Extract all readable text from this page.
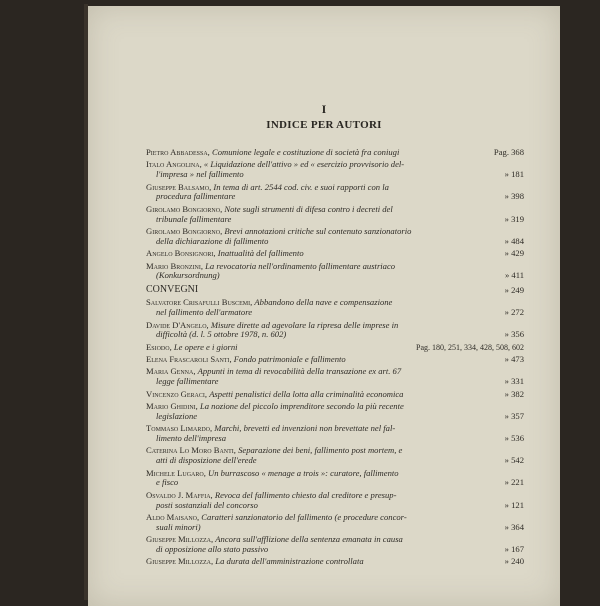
I
INDICE PER AUTORI
Pietro Abbadessa, Comunione legale e costituzione di società fra coniugi	Pag. 368
Italo Angolina, « Liquidazione dell'attivo » ed « esercizio provvisorio del-
l'impresa » nel fallimento	» 181
Giuseppe Balsamo, In tema di art. 2544 cod. civ. e suoi rapporti con la
procedura fallimentare	» 398
Girolamo Bongiorno, Note sugli strumenti di difesa contro i decreti del
tribunale fallimentare	» 319
Girolamo Bongiorno, Brevi annotazioni critiche sul contenuto sanzionatorio
della dichiarazione di fallimento	» 484
Angelo Bonsignori, Inattualità del fallimento	» 429
Mario Bronzini, La revocatoria nell'ordinamento fallimentare austriaco
(Konkursordnung)	» 411
CONVEGNI	» 249
Salvatore Crisafulli Buscemi, Abbandono della nave e compensazione
nel fallimento dell'armatore	» 272
Davide D'Angelo, Misure dirette ad agevolare la ripresa delle imprese in
difficoltà (d. l. 5 ottobre 1978, n. 602)	» 356
Esiodo, Le opere e i giorni	Pag. 180, 251, 334, 428, 508, 602
Elena Frascaroli Santi, Fondo patrimoniale e fallimento	» 473
Maria Genna, Appunti in tema di revocabilità della transazione ex art. 67
legge fallimentare	» 331
Vincenzo Geraci, Aspetti penalistici della lotta alla criminalità economica	» 382
Mario Ghidini, La nozione del piccolo imprenditore secondo la più recente
legislazione	» 357
Tommaso Limardo, Marchi, brevetti ed invenzioni non brevettate nel fal-
limento dell'impresa	» 536
Caterina Lo Moro Banti, Separazione dei beni, fallimento post mortem, e
atti di disposizione dell'erede	» 542
Michele Lugaro, Un burrascoso « menage a trois »: curatore, fallimento
e fisco	» 221
Osvaldo J. Maffia, Revoca del fallimento chiesto dal creditore e presup-
posti sostanziali del concorso	» 121
Aldo Maisano, Caratteri sanzionatorio del fallimento (e procedure concor-
suali minori)	» 364
Giuseppe Millozza, Ancora sull'afflizione della sentenza emanata in causa
di opposizione allo stato passivo	» 167
Giuseppe Millozza, La durata dell'amministrazione controllata	» 240
